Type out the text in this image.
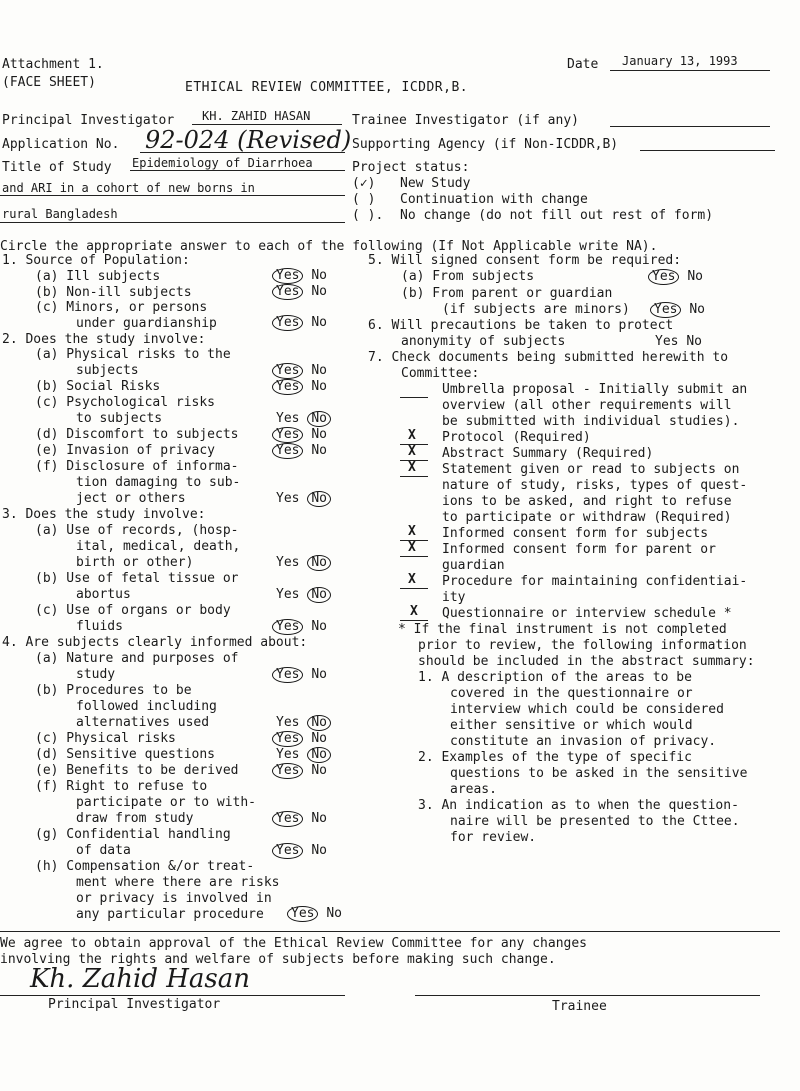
Attachment 1.
(FACE SHEET)	ETHICAL REVIEW COMMITTEE, ICDDR,B.
Date January 13, 1993
Principal Investigator KH. ZAHID HASAN	Trainee Investigator (if any)
Application No. 92-024 (Revised) Supporting Agency (if Non-ICDDR,B)
Title of Study Epidemiology of Diarrhoea
and ARI in a cohort of new borns in
rural Bangladesh
Project status:
(✓) New Study
( ) Continuation with change
( ). No change (do not fill out rest of form)
Circle the appropriate answer to each of the following (If Not Applicable write NA).
1. Source of Population:
(a) Ill subjects	Yes No
(b) Non-ill subjects	Yes No
(c) Minors, or persons
under guardianship	Yes No
2. Does the study involve:
(a) Physical risks to the
subjects	Yes No
(b) Social Risks	Yes No
(c) Psychological risks
to subjects	Yes No
(d) Discomfort to subjects	Yes No
(e) Invasion of privacy	Yes No
(f) Disclosure of informa-
tion damaging to sub-
ject or others	Yes No
3. Does the study involve:
(a) Use of records, (hosp-
ital, medical, death,
birth or other)	Yes No
(b) Use of fetal tissue or
abortus	Yes No
(c) Use of organs or body
fluids	Yes No
4. Are subjects clearly informed about:
(a) Nature and purposes of
study	Yes No
(b) Procedures to be
followed including
alternatives used	Yes No
(c) Physical risks	Yes No
(d) Sensitive questions	Yes No
(e) Benefits to be derived	Yes No
(f) Right to refuse to
participate or to with-
draw from study	Yes No
(g) Confidential handling
of data	Yes No
(h) Compensation &/or treat-
ment where there are risks
or privacy is involved in
any particular procedure	Yes No
5. Will signed consent form be required:
(a) From subjects	Yes No
(b) From parent or guardian
(if subjects are minors)	Yes No
6. Will precautions be taken to protect
anonymity of subjects	Yes No
7. Check documents being submitted herewith to
Committee:
Umbrella proposal - Initially submit an
overview (all other requirements will
be submitted with individual studies).
X Protocol (Required)
X Abstract Summary (Required)
X Statement given or read to subjects on
nature of study, risks, types of quest-
ions to be asked, and right to refuse
to participate or withdraw (Required)
X Informed consent form for subjects
X Informed consent form for parent or
guardian
X Procedure for maintaining confidentiai-
ity
X Questionnaire or interview schedule *
* If the final instrument is not completed
prior to review, the following information
should be included in the abstract summary:
1. A description of the areas to be
covered in the questionnaire or
interview which could be considered
either sensitive or which would
constitute an invasion of privacy.
2. Examples of the type of specific
questions to be asked in the sensitive
areas.
3. An indication as to when the question-
naire will be presented to the Cttee.
for review.
We agree to obtain approval of the Ethical Review Committee for any changes
involving the rights and welfare of subjects before making such change.
Kh. Zahid Hasan
Principal Investigator	Trainee
